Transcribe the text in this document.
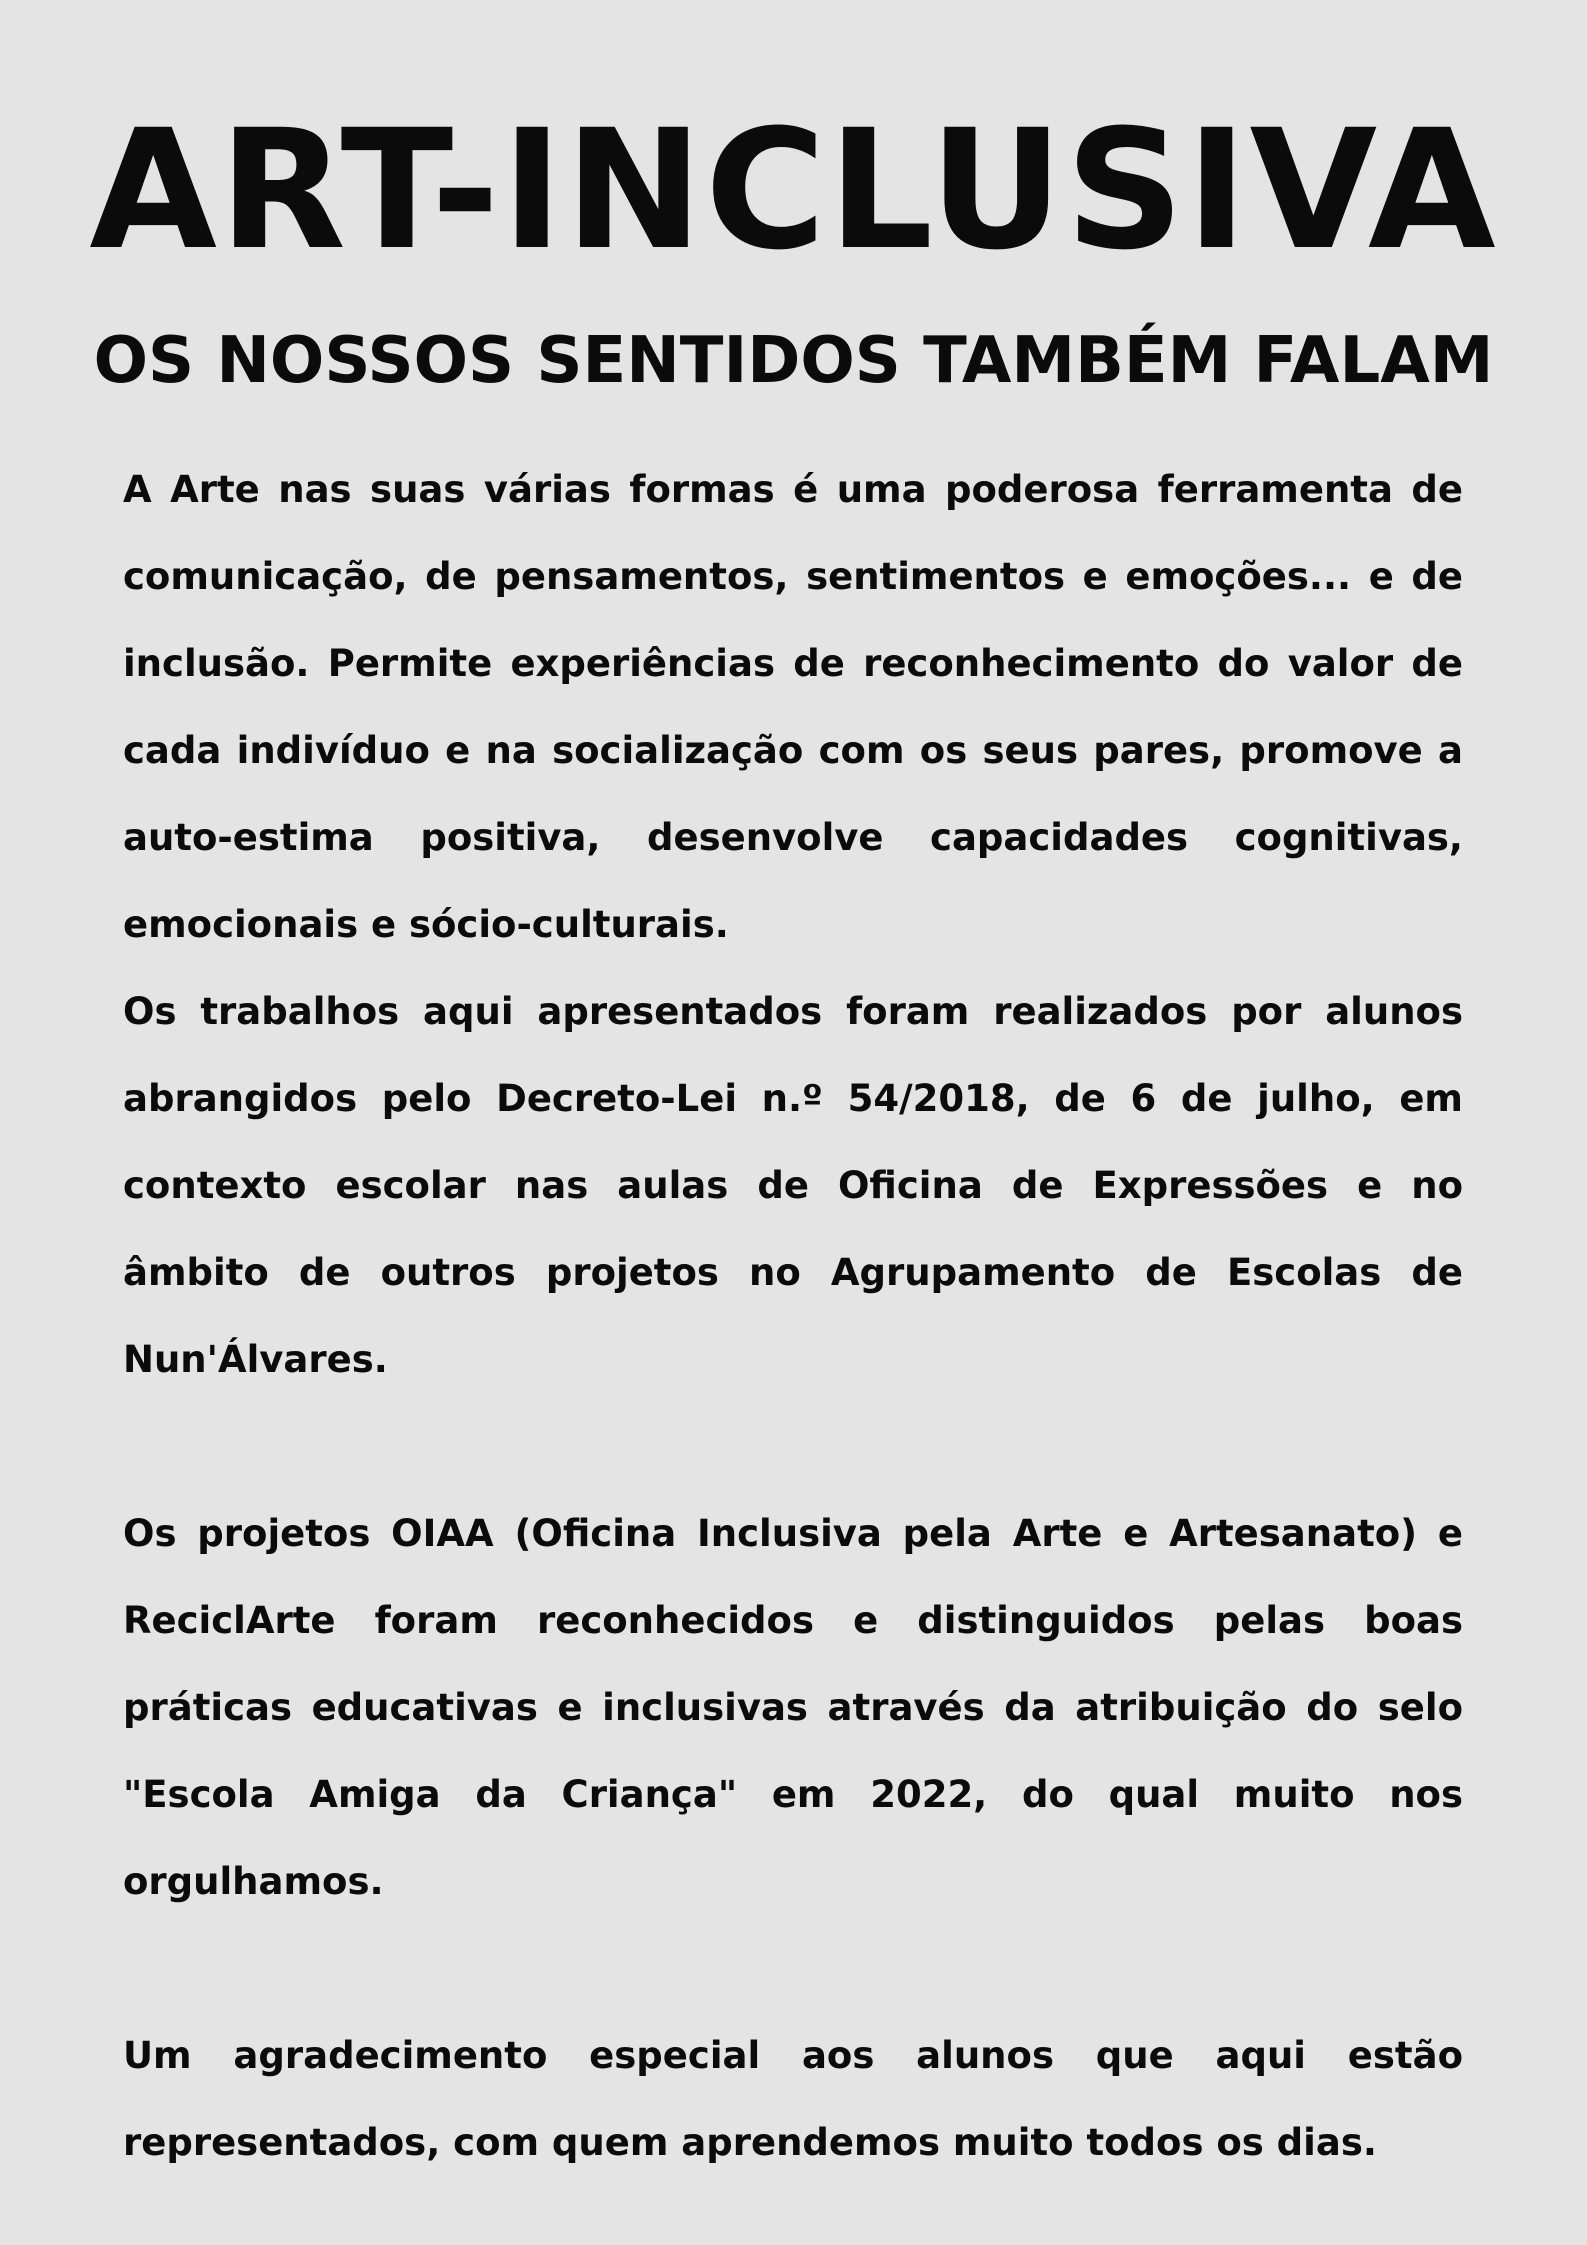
ART-INCLUSIVA
OS NOSSOS SENTIDOS TAMBÉM FALAM

A Arte nas suas várias formas é uma poderosa ferramenta de comunicação, de pensamentos, sentimentos e emoções... e de inclusão. Permite experiências de reconhecimento do valor de cada indivíduo e na socialização com os seus pares, promove a auto-estima positiva, desenvolve capacidades cognitivas, emocionais e sócio-culturais.

Os trabalhos aqui apresentados foram realizados por alunos abrangidos pelo Decreto-Lei n.º 54/2018, de 6 de julho, em contexto escolar nas aulas de Oficina de Expressões e no âmbito de outros projetos no Agrupamento de Escolas de Nun'Álvares.

Os projetos OIAA (Oficina Inclusiva pela Arte e Artesanato) e ReciclArte foram reconhecidos e distinguidos pelas boas práticas educativas e inclusivas através da atribuição do selo "Escola Amiga da Criança" em 2022, do qual muito nos orgulhamos.

Um agradecimento especial aos alunos que aqui estão representados, com quem aprendemos muito todos os dias.
